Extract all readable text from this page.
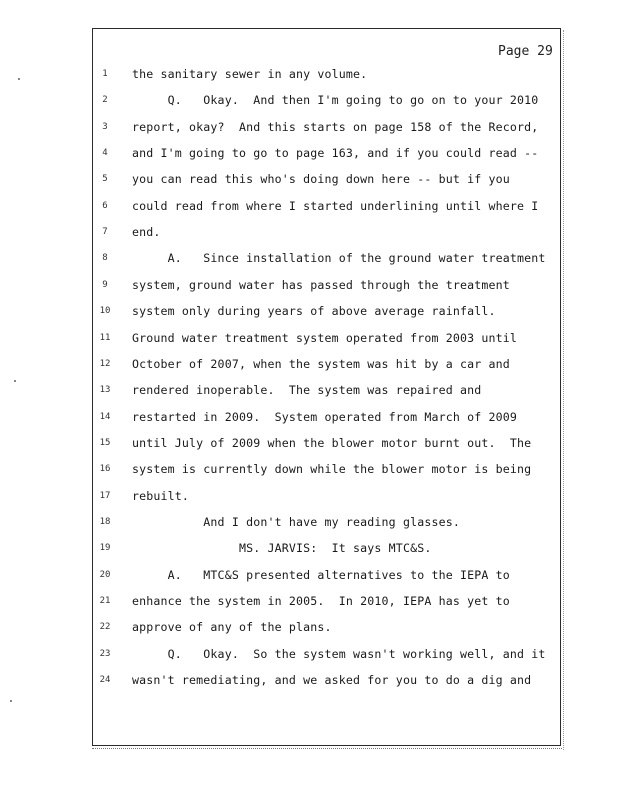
Page 29
1	the sanitary sewer in any volume.
2	Q.   Okay.  And then I'm going to go on to your 2010
3	report, okay?  And this starts on page 158 of the Record,
4	and I'm going to go to page 163, and if you could read --
5	you can read this who's doing down here -- but if you
6	could read from where I started underlining until where I
7	end.
8	A.   Since installation of the ground water treatment
9	system, ground water has passed through the treatment
10 system only during years of above average rainfall.
11 Ground water treatment system operated from 2003 until
12 October of 2007, when the system was hit by a car and
13 rendered inoperable.  The system was repaired and
14 restarted in 2009.  System operated from March of 2009
15 until July of 2009 when the blower motor burnt out.  The
16 system is currently down while the blower motor is being
17 rebuilt.
18 And I don't have my reading glasses.
19 MS. JARVIS:  It says MTC&S.
20 A.   MTC&S presented alternatives to the IEPA to
21 enhance the system in 2005.  In 2010, IEPA has yet to
22 approve of any of the plans.
23 Q.   Okay.  So the system wasn't working well, and it
24 wasn't remediating, and we asked for you to do a dig and
